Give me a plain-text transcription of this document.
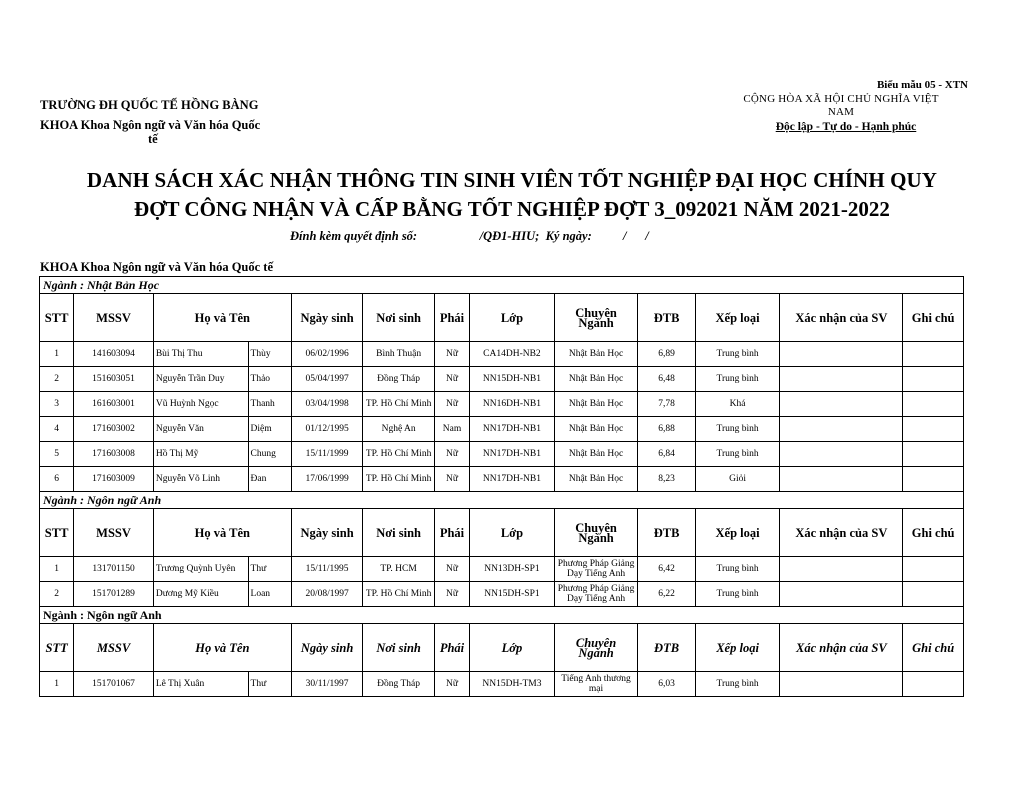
Biểu mẫu 05 - XTN
TRƯỜNG ĐH QUỐC TẾ HỒNG BÀNG
KHOA Khoa Ngôn ngữ và Văn hóa Quốc
tế
CỘNG HÒA XÃ HỘI CHỦ NGHĨA VIỆT
NAM
Độc lập - Tự do - Hạnh phúc
DANH SÁCH XÁC NHẬN THÔNG TIN SINH VIÊN TỐT NGHIỆP ĐẠI HỌC CHÍNH QUY
ĐỢT CÔNG NHẬN VÀ CẤP BẰNG TỐT NGHIỆP ĐỢT 3_092021 NĂM 2021-2022
Đính kèm quyết định số:                    /QĐ1-HIU;  Ký ngày:          /      /
KHOA Khoa Ngôn ngữ và Văn hóa Quốc tế
Ngành : Nhật Bản Học												
STT	MSSV	Họ và Tên		Ngày sinh	Nơi sinh	Phái	Lớp	Chuyên Ngành	ĐTB	Xếp loại	Xác nhận của SV	Ghi chú
1	141603094	Bùi Thị Thu	Thùy	06/02/1996	Bình Thuận	Nữ	CA14DH-NB2	Nhật Bản Học	6,89	Trung bình		
2	151603051	Nguyễn Trần Duy	Thảo	05/04/1997	Đồng Tháp	Nữ	NN15DH-NB1	Nhật Bản Học	6,48	Trung bình		
3	161603001	Vũ Huỳnh Ngọc	Thanh	03/04/1998	TP. Hồ Chí Minh	Nữ	NN16DH-NB1	Nhật Bản Học	7,78	Khá		
4	171603002	Nguyễn Văn	Diệm	01/12/1995	Nghệ An	Nam	NN17DH-NB1	Nhật Bản Học	6,88	Trung bình		
5	171603008	Hồ Thị Mỹ	Chung	15/11/1999	TP. Hồ Chí Minh	Nữ	NN17DH-NB1	Nhật Bản Học	6,84	Trung bình		
6	171603009	Nguyễn Võ Linh	Đan	17/06/1999	TP. Hồ Chí Minh	Nữ	NN17DH-NB1	Nhật Bản Học	8,23	Giỏi		
Ngành : Ngôn ngữ Anh												
STT	MSSV	Họ và Tên		Ngày sinh	Nơi sinh	Phái	Lớp	Chuyên Ngành	ĐTB	Xếp loại	Xác nhận của SV	Ghi chú
1	131701150	Trương Quỳnh Uyên	Thư	15/11/1995	TP. HCM	Nữ	NN13DH-SP1	Phương Pháp Giảng Dạy Tiếng Anh	6,42	Trung bình		
2	151701289	Dương Mỹ Kiều	Loan	20/08/1997	TP. Hồ Chí Minh	Nữ	NN15DH-SP1	Phương Pháp Giảng Dạy Tiếng Anh	6,22	Trung bình		
Ngành : Ngôn ngữ Anh												
STT	MSSV	Họ và Tên		Ngày sinh	Nơi sinh	Phái	Lớp	Chuyên Ngành	ĐTB	Xếp loại	Xác nhận của SV	Ghi chú
1	151701067	Lê Thị Xuân	Thư	30/11/1997	Đồng Tháp	Nữ	NN15DH-TM3	Tiếng Anh thương mại	6,03	Trung bình		
